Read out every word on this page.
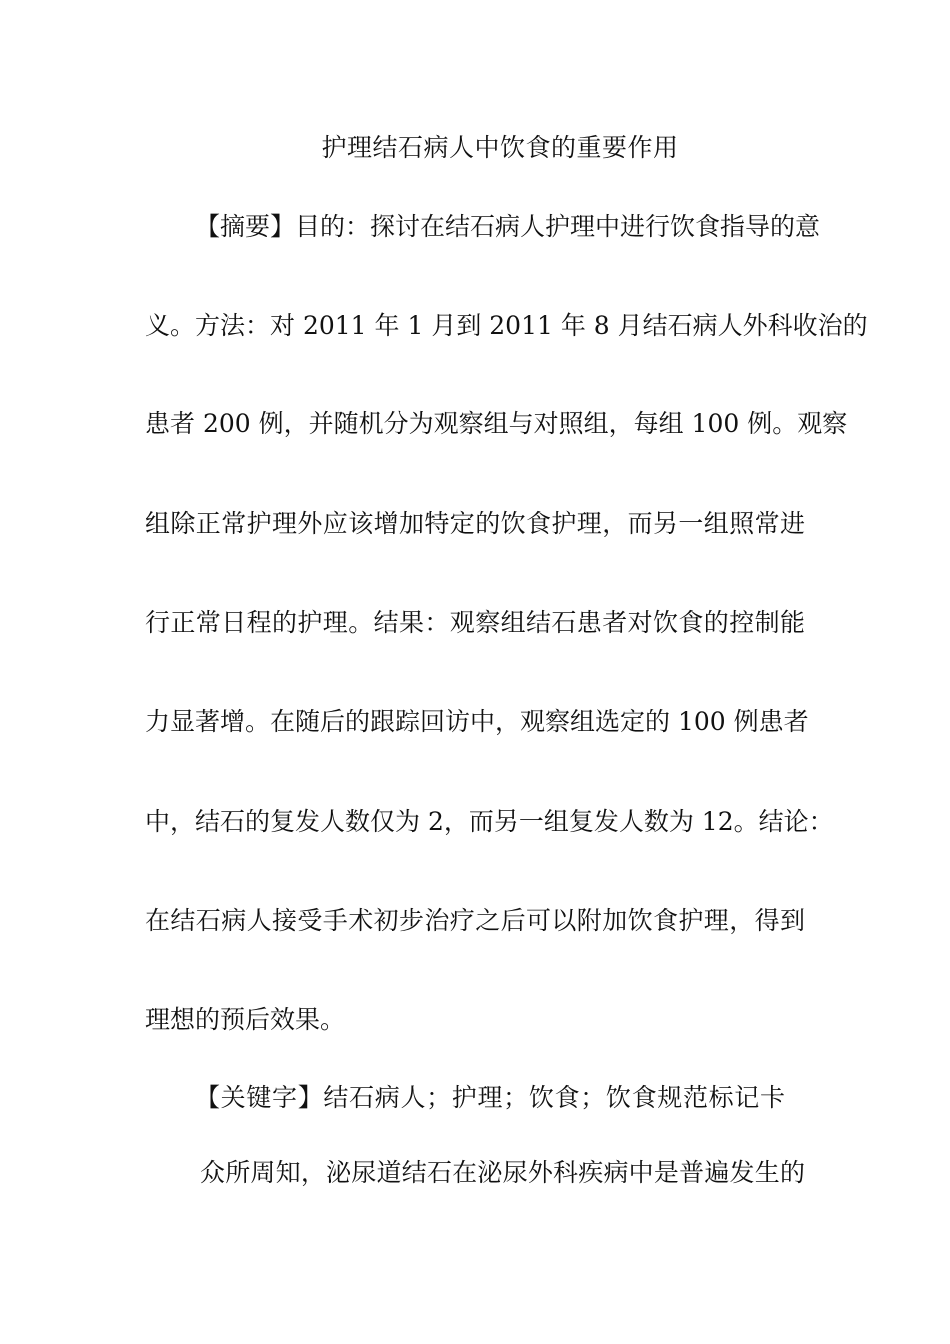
护理结石病人中饮食的重要作用
【摘要】目的：探讨在结石病人护理中进行饮食指导的意
义。方法：对 2011 年 1 月到 2011 年 8 月结石病人外科收治的
患者 200 例，并随机分为观察组与对照组，每组 100 例。观察
组除正常护理外应该增加特定的饮食护理，而另一组照常进
行正常日程的护理。结果：观察组结石患者对饮食的控制能
力显著增。在随后的跟踪回访中，观察组选定的 100 例患者
中，结石的复发人数仅为 2，而另一组复发人数为 12。结论：
在结石病人接受手术初步治疗之后可以附加饮食护理，得到
理想的预后效果。
【关键字】结石病人；护理；饮食；饮食规范标记卡
众所周知，泌尿道结石在泌尿外科疾病中是普遍发生的
